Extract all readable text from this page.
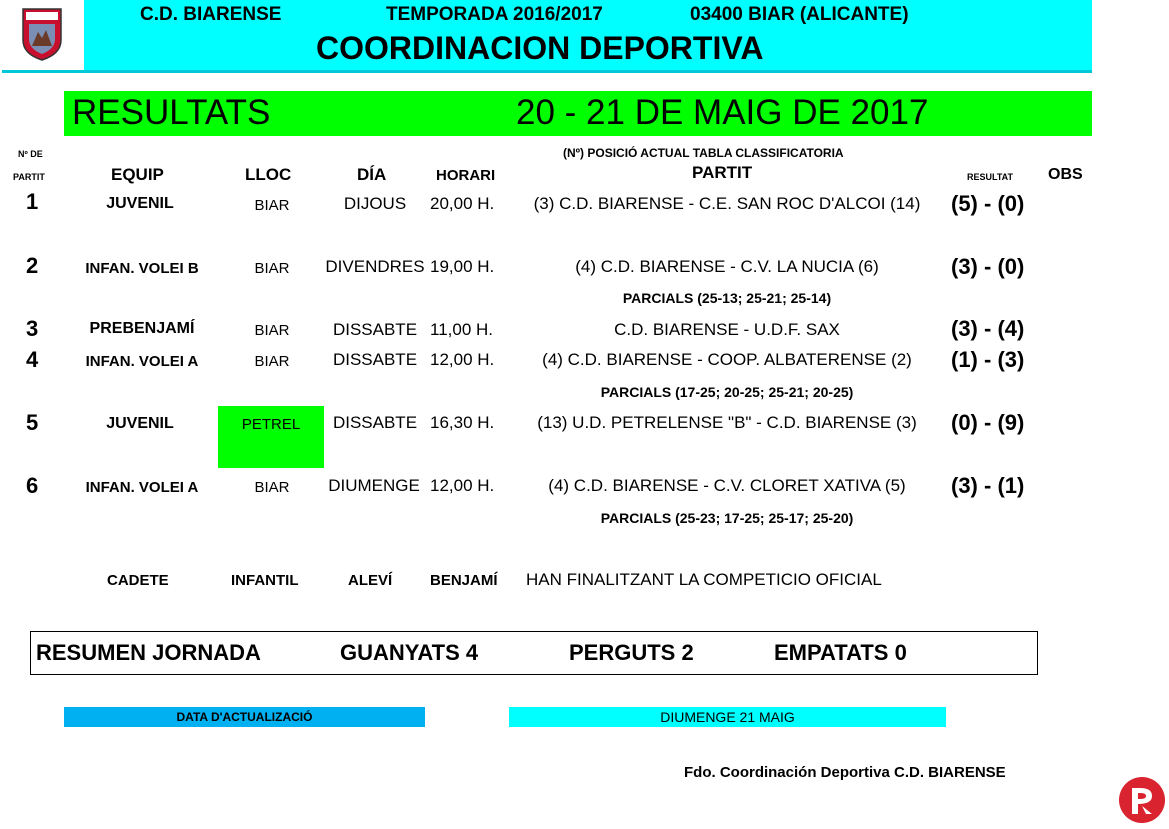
C.D. BIARENSE	TEMPORADA 2016/2017	03400 BIAR (ALICANTE)
COORDINACION DEPORTIVA
RESULTATS	20 - 21 DE MAIG DE 2017
Nº DE
PARTIT	EQUIP	LLOC	DÍA	HORARI
(Nº) POSICIÓ ACTUAL TABLA CLASSIFICATORIA
PARTIT	RESULTAT OBS
1	JUVENIL	BIAR	DIJOUS	20,00 H.	(3) C.D. BIARENSE - C.E. SAN ROC D'ALCOI (14)	(5) - (0)
2	INFAN. VOLEI B	BIAR	DIVENDRES 19,00 H.	(4) C.D. BIARENSE - C.V. LA NUCIA (6)	(3) - (0)
PARCIALS (25-13; 25-21; 25-14)
3	PREBENJAMÍ	BIAR	DISSABTE 11,00 H.	C.D. BIARENSE - U.D.F. SAX	(3) - (4)
4	INFAN. VOLEI A	BIAR	DISSABTE 12,00 H.	(4) C.D. BIARENSE - COOP. ALBATERENSE (2)	(1) - (3)
PARCIALS (17-25; 20-25; 25-21; 20-25)
5	JUVENIL	PETREL	DISSABTE 16,30 H.	(13) U.D. PETRELENSE "B" - C.D. BIARENSE (3)	(0) - (9)
6	INFAN. VOLEI A	BIAR	DIUMENGE 12,00 H.	(4) C.D. BIARENSE - C.V. CLORET XATIVA (5)	(3) - (1)
PARCIALS (25-23; 17-25; 25-17; 25-20)
CADETE	INFANTIL	ALEVÍ	BENJAMÍ HAN FINALITZANT LA COMPETICIO OFICIAL
RESUMEN JORNADA	GUANYATS 4	PERGUTS 2	EMPATATS 0
DATA D'ACTUALIZACIÓ	DIUMENGE 21 MAIG
Fdo. Coordinación Deportiva C.D. BIARENSE
